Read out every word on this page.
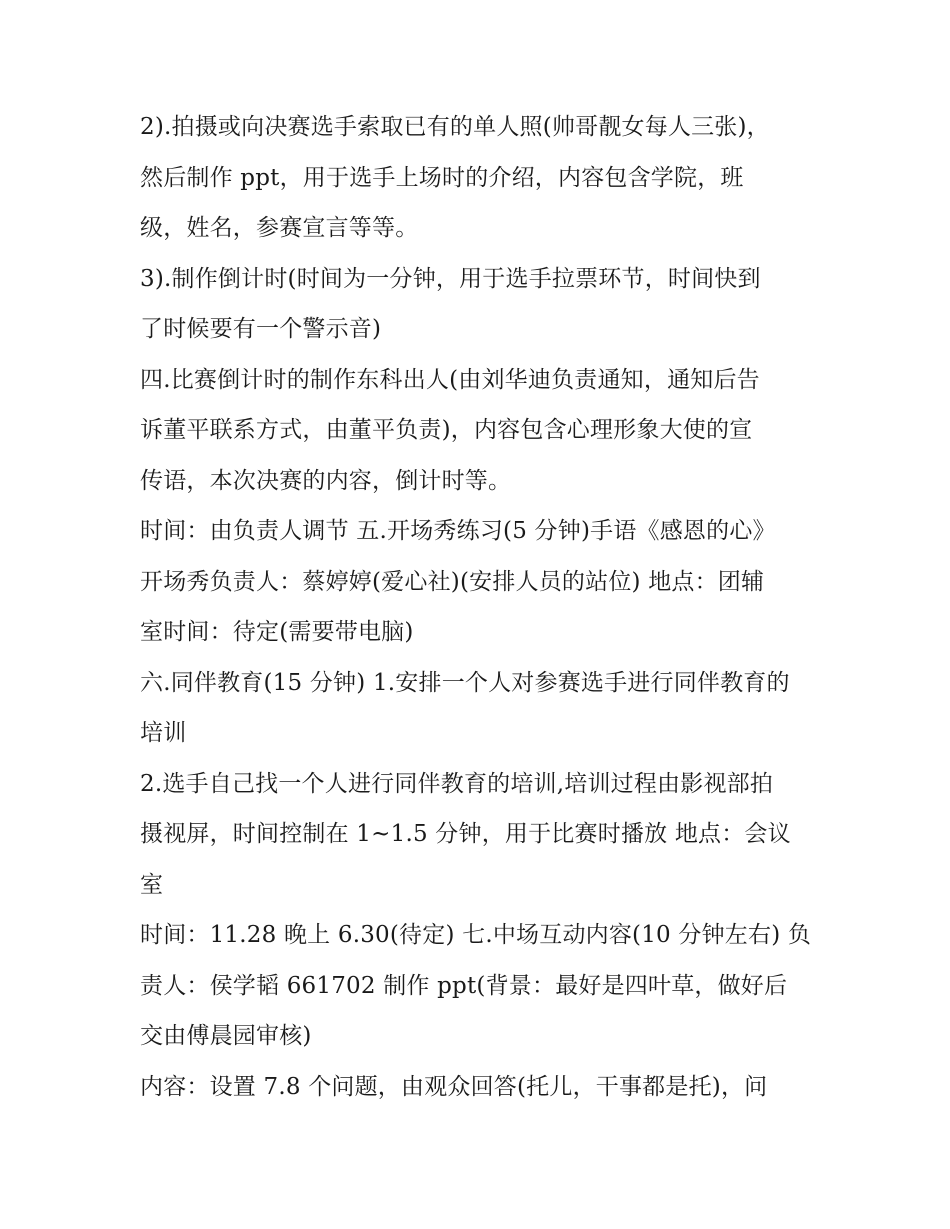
2).拍摄或向决赛选手索取已有的单人照(帅哥靓女每人三张)，
然后制作 ppt，用于选手上场时的介绍，内容包含学院，班
级，姓名，参赛宣言等等。
3).制作倒计时(时间为一分钟，用于选手拉票环节，时间快到
了时候要有一个警示音)
四.比赛倒计时的制作东科出人(由刘华迪负责通知，通知后告
诉董平联系方式，由董平负责)，内容包含心理形象大使的宣
传语，本次决赛的内容，倒计时等。
时间：由负责人调节 五.开场秀练习(5 分钟)手语《感恩的心》
开场秀负责人：蔡婷婷(爱心社)(安排人员的站位) 地点：团辅
室时间：待定(需要带电脑)
六.同伴教育(15 分钟) 1.安排一个人对参赛选手进行同伴教育的
培训
2.选手自己找一个人进行同伴教育的培训,培训过程由影视部拍
摄视屏，时间控制在 1~1.5 分钟，用于比赛时播放 地点：会议
室
时间：11.28 晚上 6.30(待定) 七.中场互动内容(10 分钟左右) 负
责人：侯学韬 661702 制作 ppt(背景：最好是四叶草，做好后
交由傅晨园审核)
内容：设置 7.8 个问题，由观众回答(托儿，干事都是托)，问
